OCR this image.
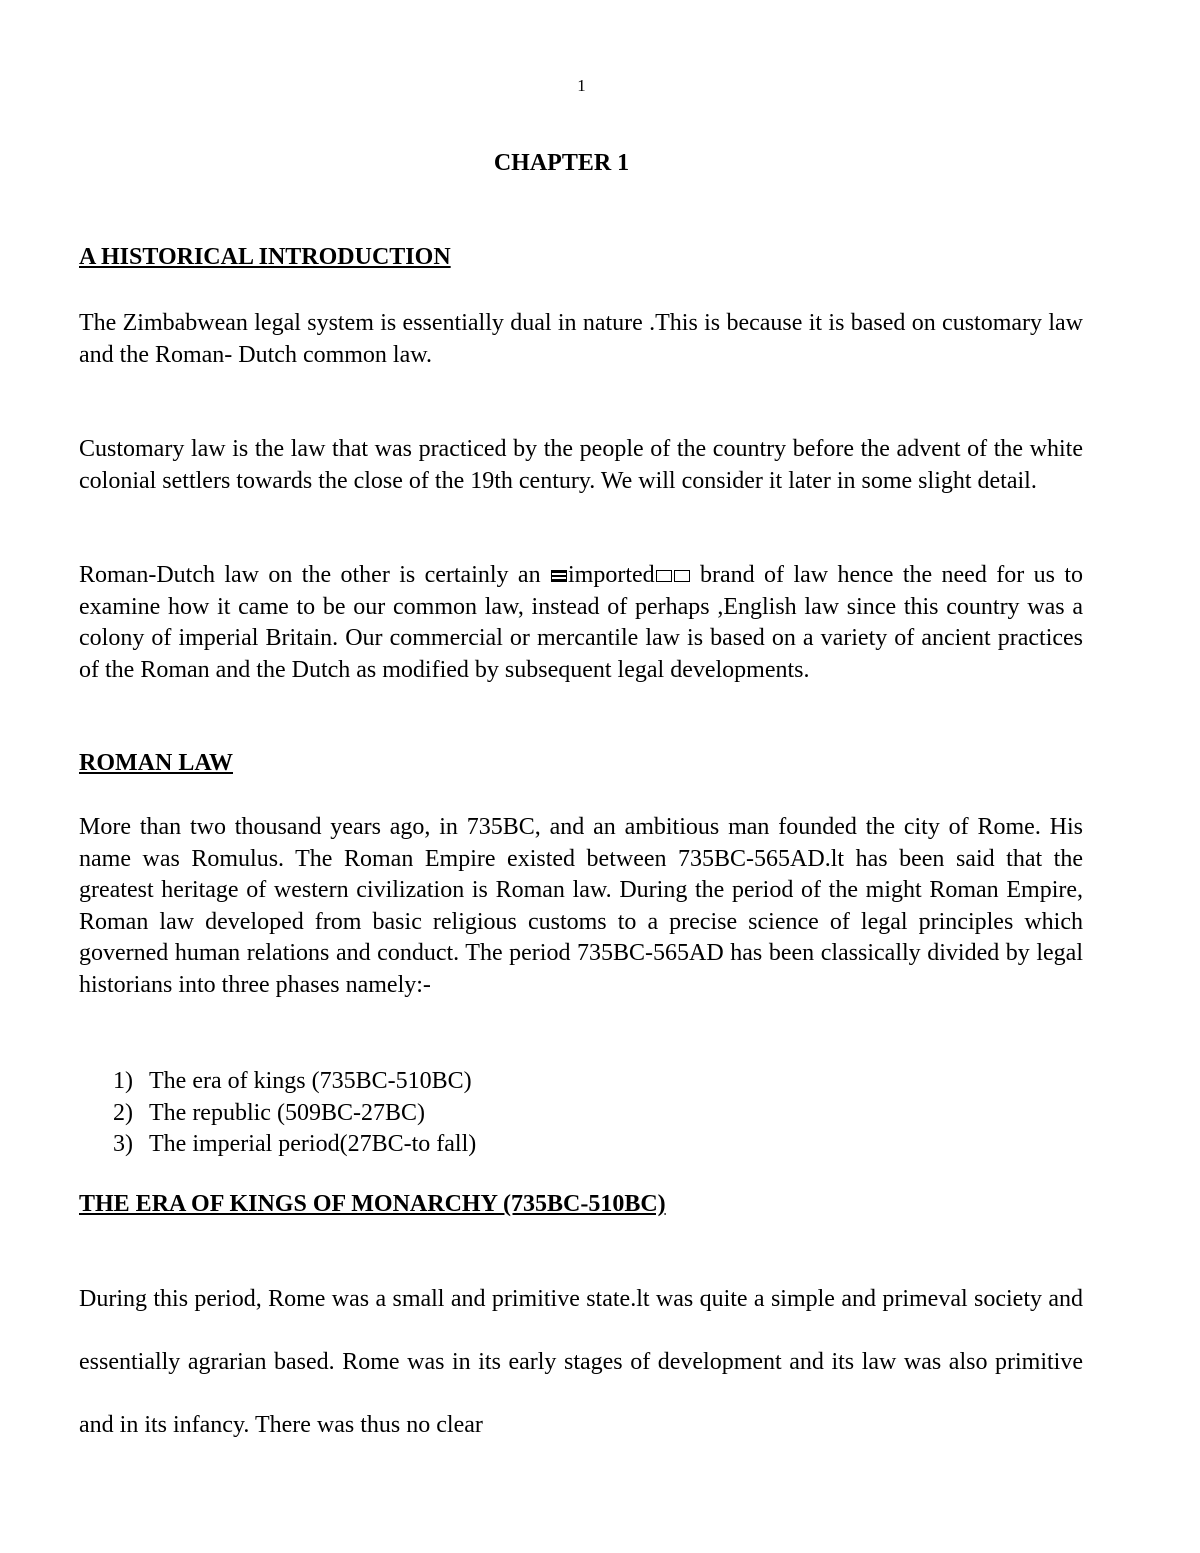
1
CHAPTER 1
A HISTORICAL INTRODUCTION
The Zimbabwean legal system is essentially dual in nature .This is because it is based on customary law and the Roman- Dutch common law.
Customary law is the law that was practiced by the people of the country before the advent of the white colonial settlers towards the close of the 19th century. We will consider it later in some slight detail.
Roman-Dutch law on the other is certainly an imported brand of law hence the need for us to examine how it came to be our common law, instead of perhaps ,English law since this country was a colony of imperial Britain. Our commercial or mercantile law is based on a variety of ancient practices of the Roman and the Dutch as modified by subsequent legal developments.
ROMAN LAW
More than two thousand years ago, in 735BC, and an ambitious man founded the city of Rome. His name was Romulus. The Roman Empire existed between 735BC-565AD.lt has been said that the greatest heritage of western civilization is Roman law. During the period of the might Roman Empire, Roman law developed from basic religious customs to a precise science of legal principles which governed human relations and conduct. The period 735BC-565AD has been classically divided by legal historians into three phases namely:-
1) The era of kings (735BC-510BC)
2) The republic (509BC-27BC)
3) The imperial period(27BC-to fall)
THE ERA OF KINGS OF MONARCHY (735BC-510BC)
During this period, Rome was a small and primitive state.lt was quite a simple and primeval society and essentially agrarian based. Rome was in its early stages of development and its law was also primitive and in its infancy. There was thus no clear
